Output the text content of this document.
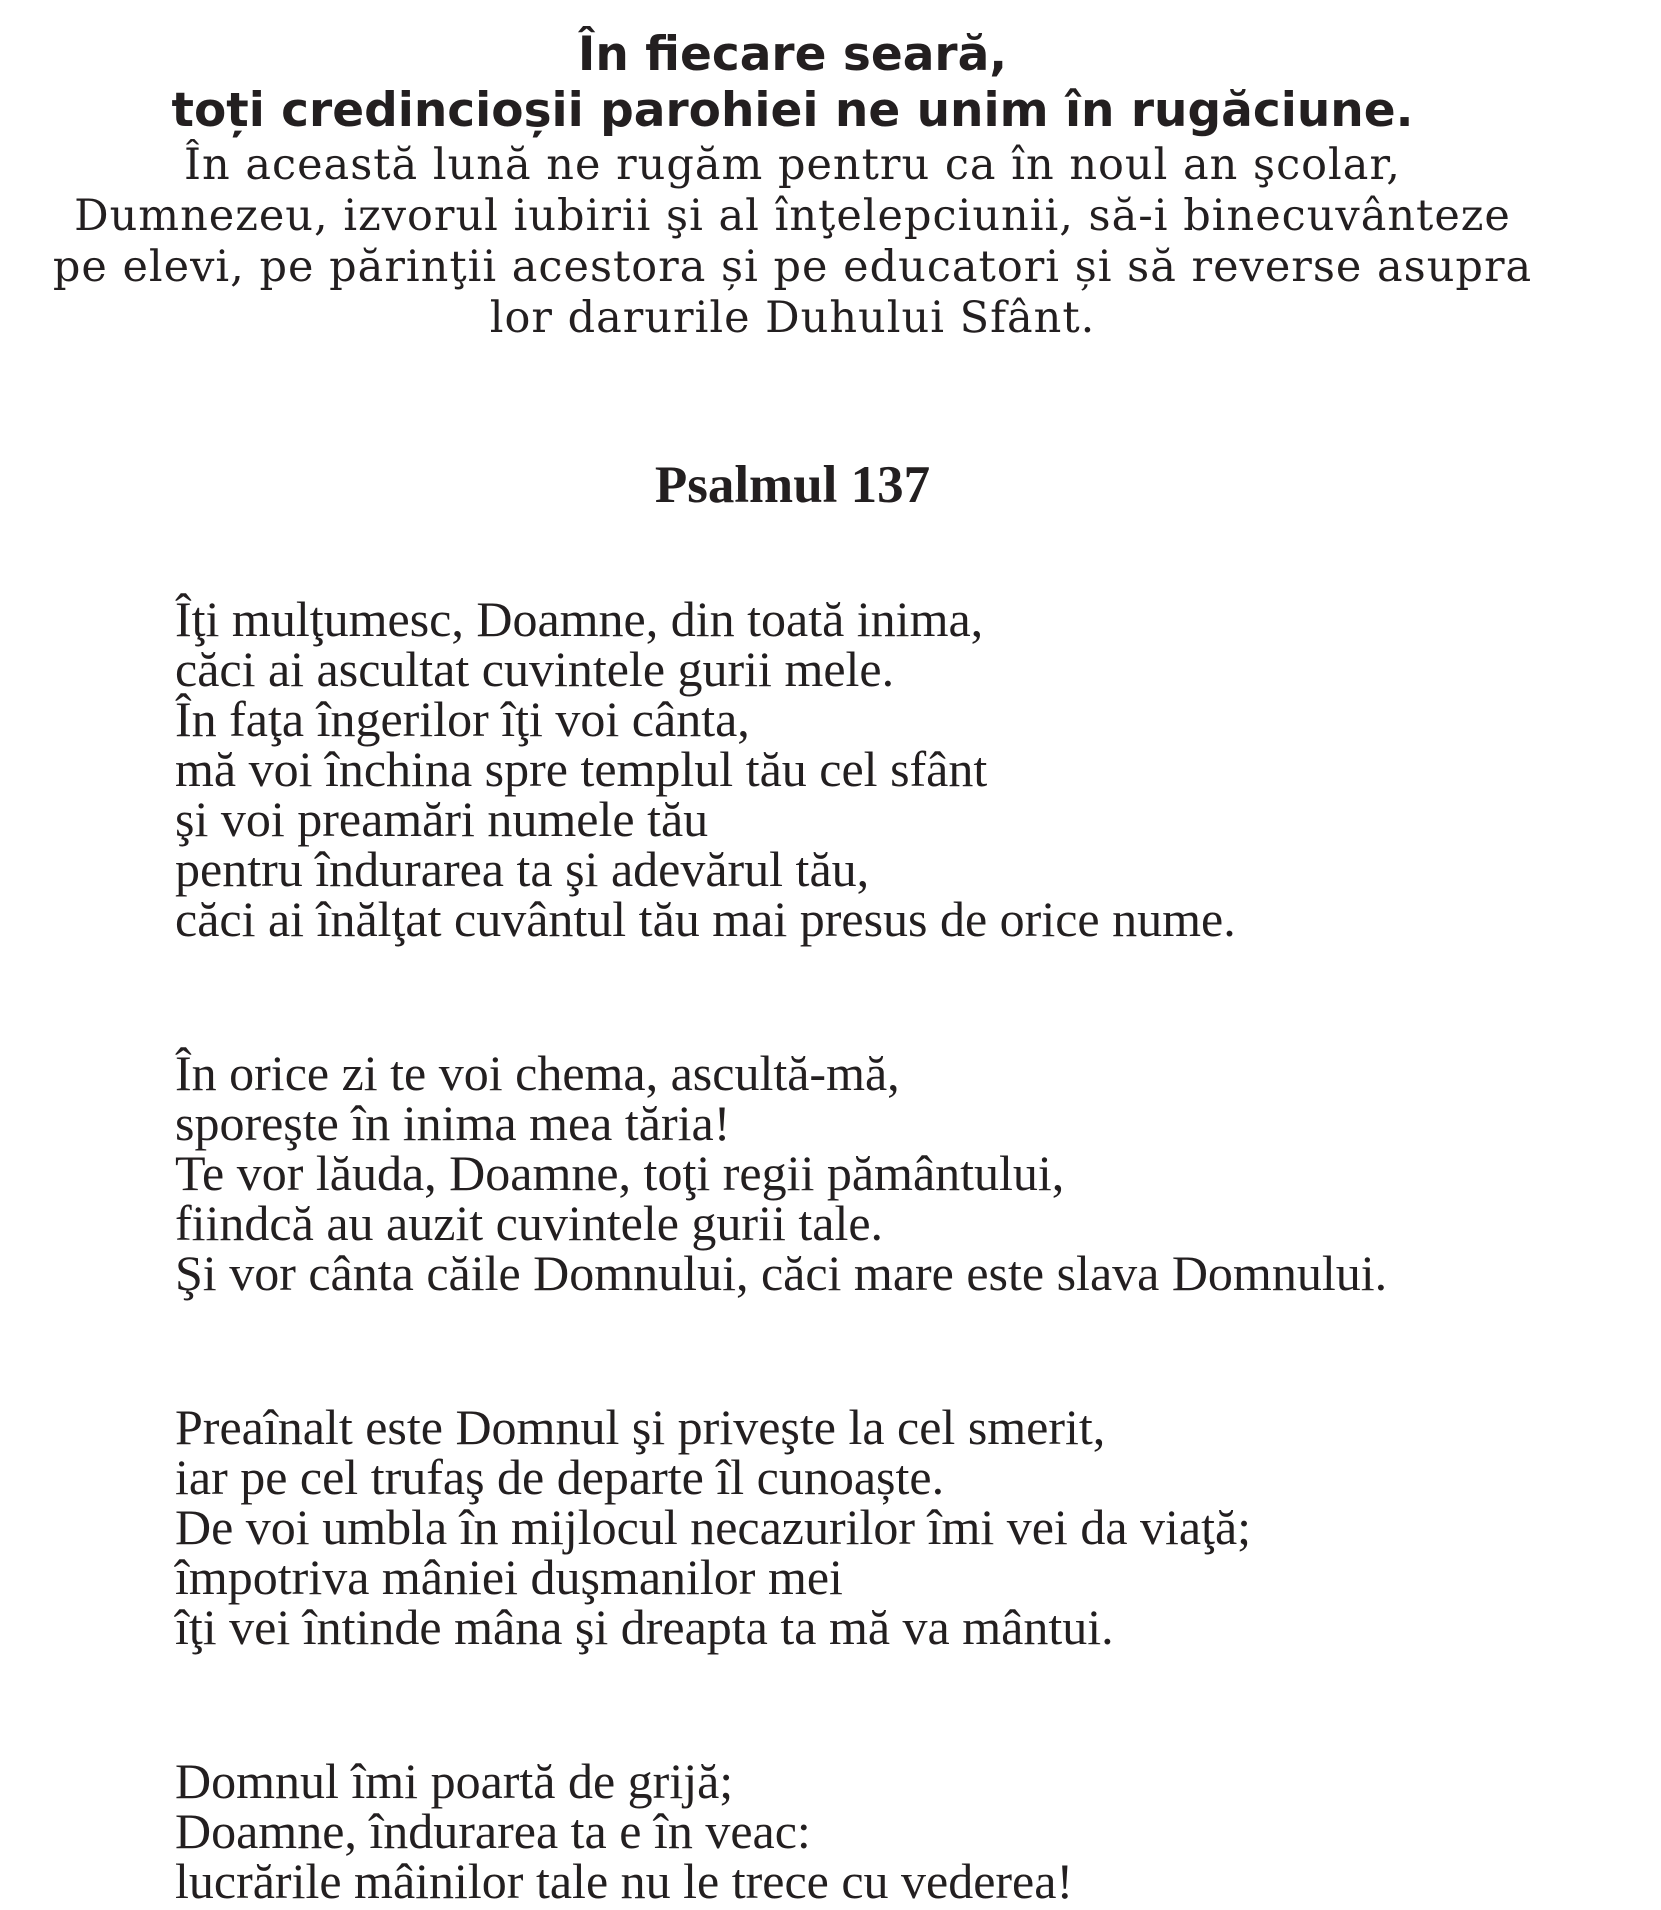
În fiecare seară,
toți credincioșii parohiei ne unim în rugăciune.
În această lună ne rugăm pentru ca în noul an şcolar,
Dumnezeu, izvorul iubirii şi al înţelepciunii, să-i binecuvânteze
pe elevi, pe părinţii acestora și pe educatori și să reverse asupra
lor darurile Duhului Sfânt.
Psalmul 137
Îţi mulţumesc, Doamne, din toată inima,
căci ai ascultat cuvintele gurii mele.
În faţa îngerilor îţi voi cânta,
mă voi închina spre templul tău cel sfânt
şi voi preamări numele tău
pentru îndurarea ta şi adevărul tău,
căci ai înălţat cuvântul tău mai presus de orice nume.
În orice zi te voi chema, ascultă-mă,
sporeşte în inima mea tăria!
Te vor lăuda, Doamne, toţi regii pământului,
fiindcă au auzit cuvintele gurii tale.
Şi vor cânta căile Domnului, căci mare este slava Domnului.
Preaînalt este Domnul şi priveşte la cel smerit,
iar pe cel trufaş de departe îl cunoaște.
De voi umbla în mijlocul necazurilor îmi vei da viaţă;
împotriva mâniei duşmanilor mei
îţi vei întinde mâna şi dreapta ta mă va mântui.
Domnul îmi poartă de grijă;
Doamne, îndurarea ta e în veac:
lucrările mâinilor tale nu le trece cu vederea!
